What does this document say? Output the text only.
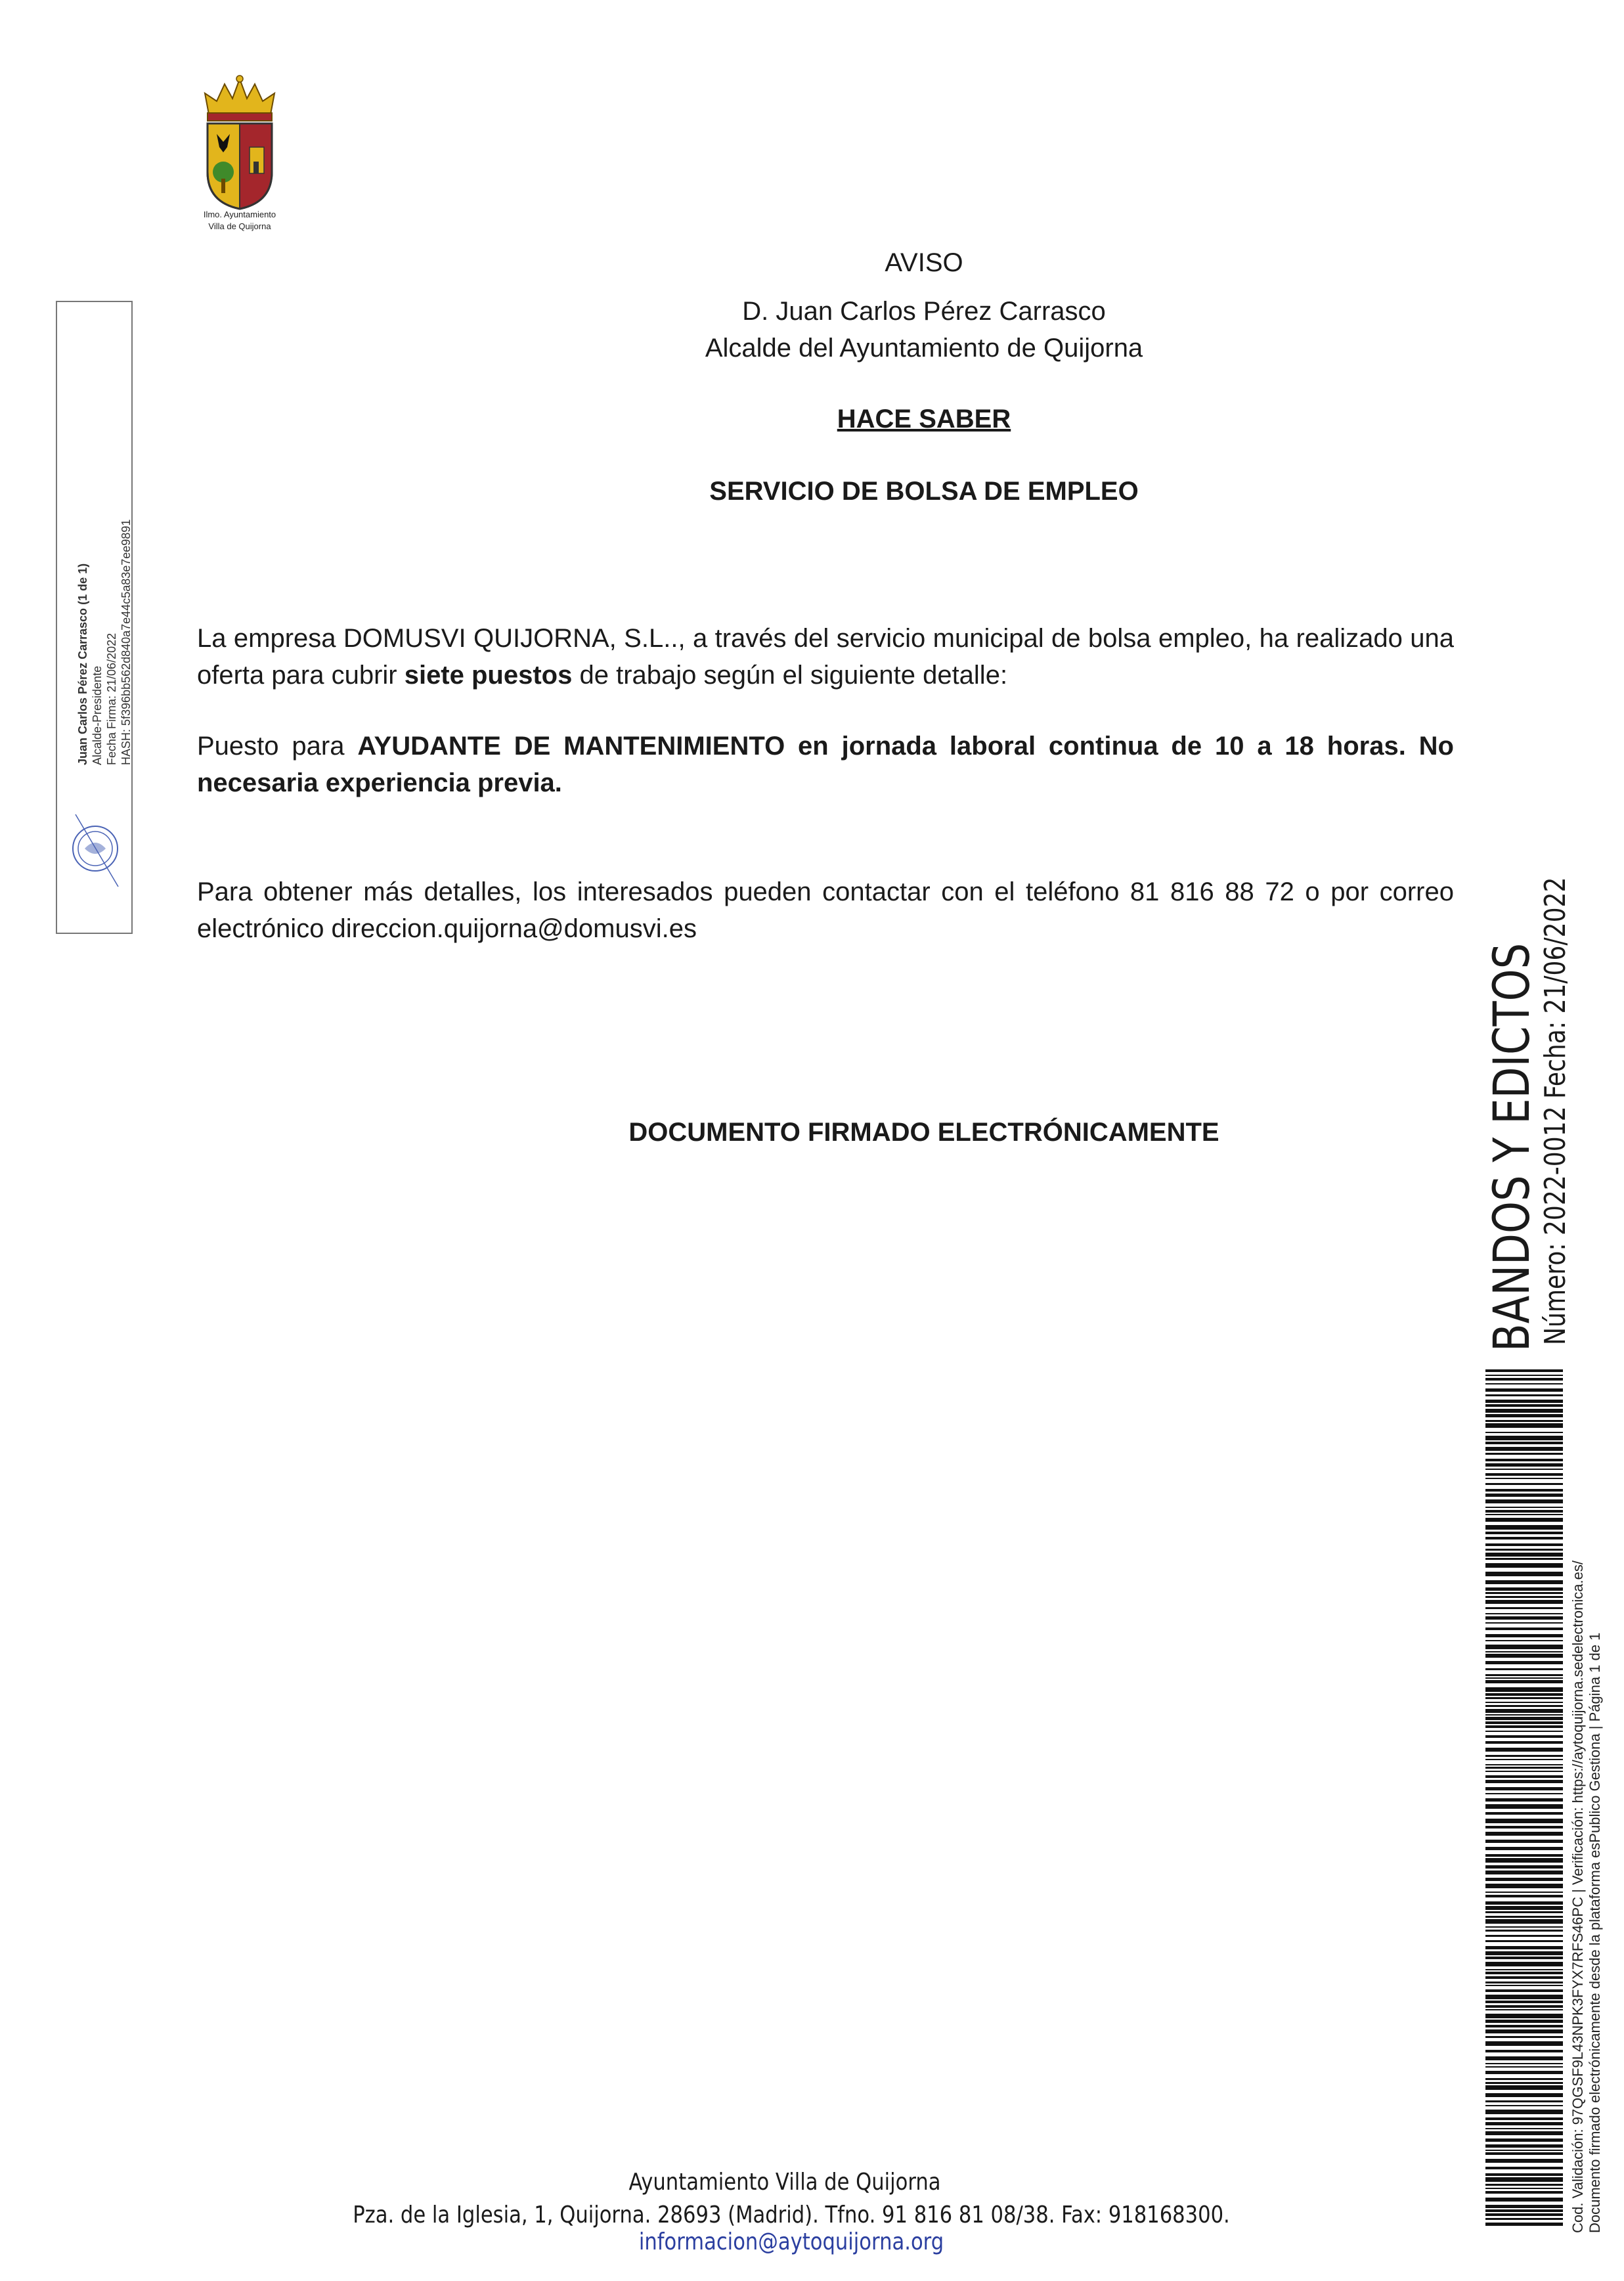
Ilmo. Ayuntamiento
Villa de Quijorna
Juan Carlos Pérez Carrasco (1 de 1) Alcalde-Presidente Fecha Firma: 21/06/2022 HASH: 5f396bb562d840a7e44c5a83e7ee9891
AVISO
D. Juan Carlos Pérez Carrasco
Alcalde del Ayuntamiento de Quijorna
HACE SABER
SERVICIO DE BOLSA DE EMPLEO
La empresa DOMUSVI QUIJORNA, S.L.., a través del servicio municipal de bolsa empleo, ha realizado una oferta para cubrir siete puestos de trabajo según el siguiente detalle:
Puesto para AYUDANTE DE MANTENIMIENTO en jornada laboral continua de 10 a 18 horas. No necesaria experiencia previa.
Para obtener más detalles, los interesados pueden contactar con el teléfono 81 816 88 72 o por correo electrónico direccion.quijorna@domusvi.es
DOCUMENTO FIRMADO ELECTRÓNICAMENTE
Ayuntamiento Villa de Quijorna
Pza. de la Iglesia, 1, Quijorna. 28693 (Madrid). Tfno. 91 816 81 08/38. Fax: 918168300. informacion@aytoquijorna.org
BANDOS Y EDICTOS
Número: 2022-0012 Fecha: 21/06/2022
Cod. Validación: 97QGSF9L43NPK3FYX7RFS46PC | Verificación: https://aytoquijorna.sedelectronica.es/ Documento firmado electrónicamente desde la plataforma esPublico Gestiona | Página 1 de 1
